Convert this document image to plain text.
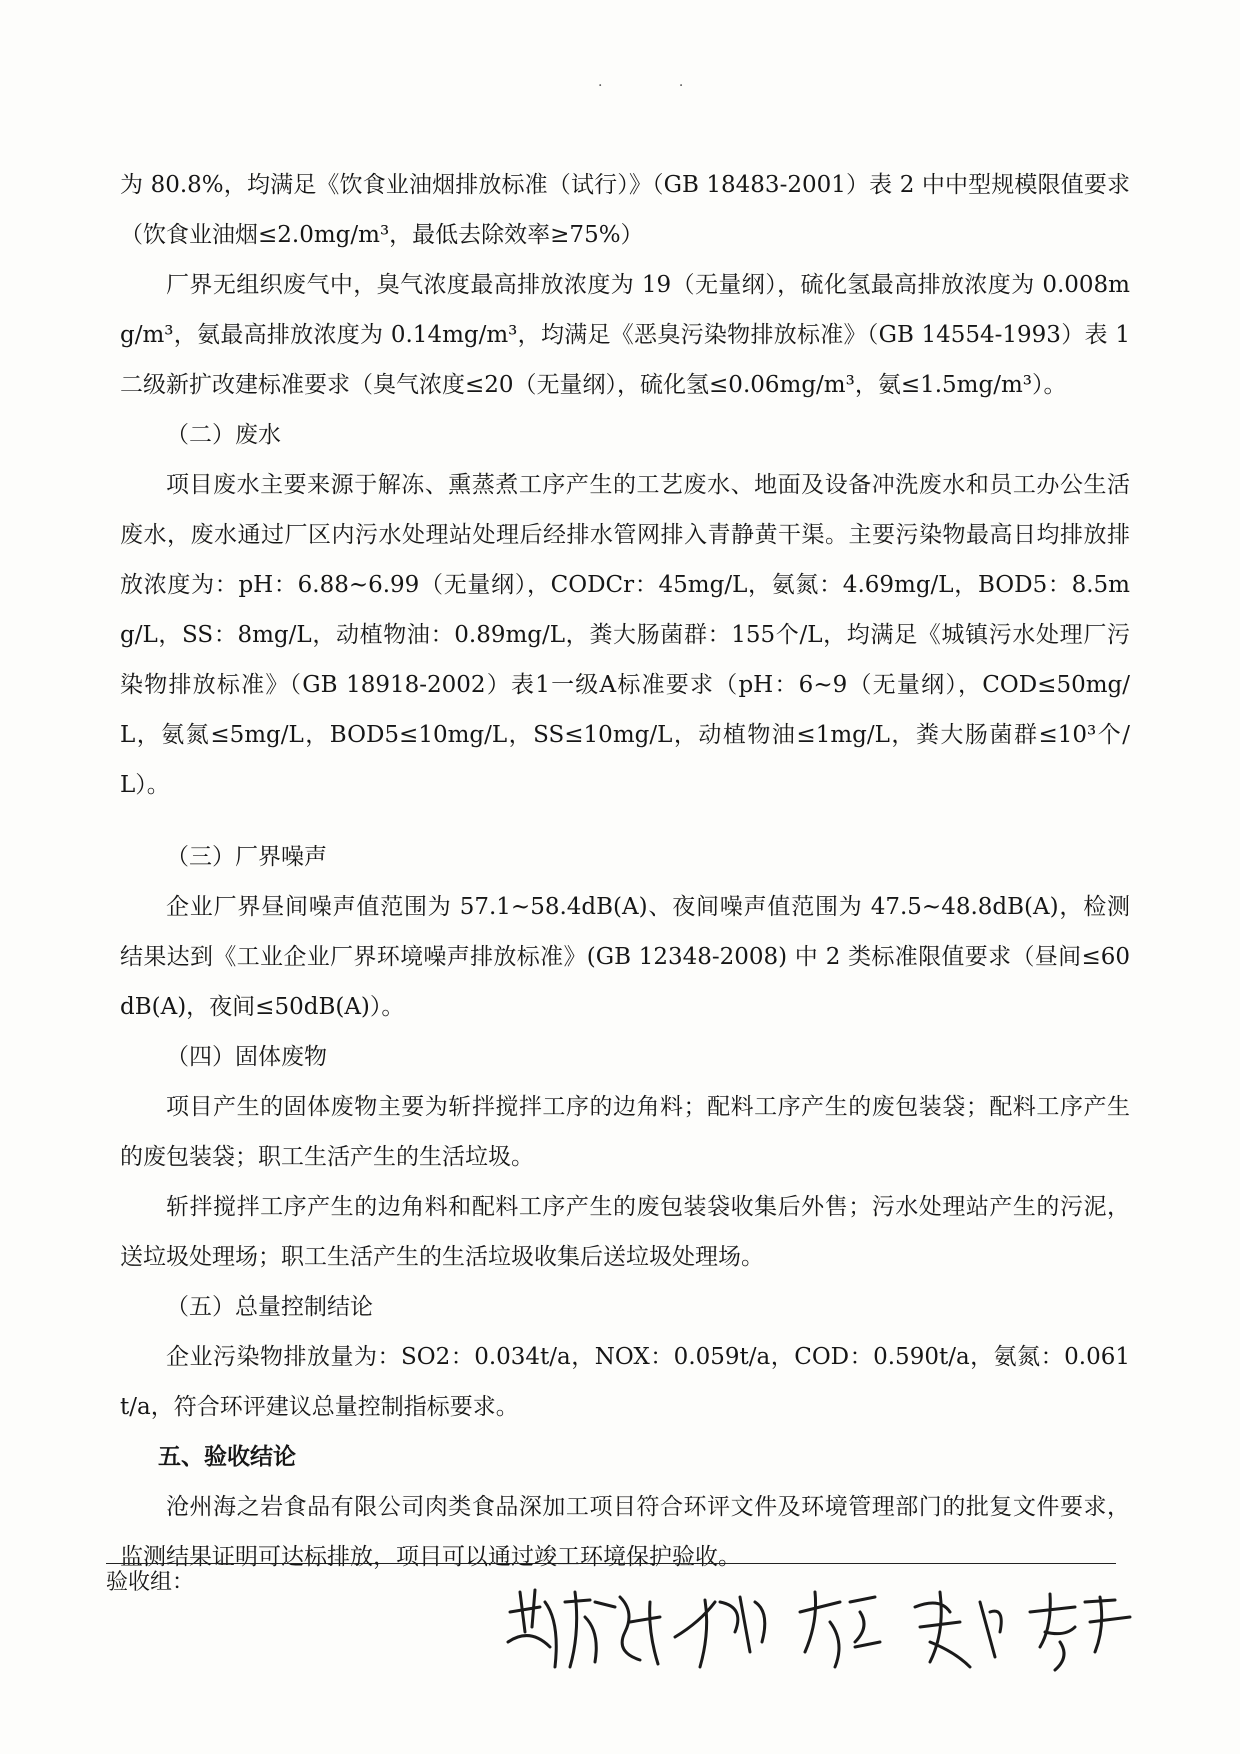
· ·

为 80.8%，均满足《饮食业油烟排放标准（试行）》（GB 18483-2001）表 2 中中型规模限值要求（饮食业油烟≤2.0mg/m³，最低去除效率≥75%）

厂界无组织废气中，臭气浓度最高排放浓度为 19（无量纲），硫化氢最高排放浓度为 0.008mg/m³，氨最高排放浓度为 0.14mg/m³，均满足《恶臭污染物排放标准》（GB 14554-1993）表 1 二级新扩改建标准要求（臭气浓度≤20（无量纲），硫化氢≤0.06mg/m³，氨≤1.5mg/m³）。

（二）废水

项目废水主要来源于解冻、熏蒸煮工序产生的工艺废水、地面及设备冲洗废水和员工办公生活废水，废水通过厂区内污水处理站处理后经排水管网排入青静黄干渠。主要污染物最高日均排放排放浓度为：pH：6.88~6.99（无量纲），CODCr：45mg/L，氨氮：4.69mg/L，BOD5：8.5mg/L，SS：8mg/L，动植物油：0.89mg/L，粪大肠菌群：155个/L，均满足《城镇污水处理厂污染物排放标准》（GB 18918-2002）表1一级A标准要求（pH：6~9（无量纲），COD≤50mg/L，氨氮≤5mg/L，BOD5≤10mg/L，SS≤10mg/L，动植物油≤1mg/L，粪大肠菌群≤10³个/L）。

（三）厂界噪声

企业厂界昼间噪声值范围为 57.1~58.4dB(A)、夜间噪声值范围为 47.5~48.8dB(A)，检测结果达到《工业企业厂界环境噪声排放标准》(GB 12348-2008) 中 2 类标准限值要求（昼间≤60dB(A)，夜间≤50dB(A)）。

（四）固体废物

项目产生的固体废物主要为斩拌搅拌工序的边角料；配料工序产生的废包装袋；配料工序产生的废包装袋；职工生活产生的生活垃圾。

斩拌搅拌工序产生的边角料和配料工序产生的废包装袋收集后外售；污水处理站产生的污泥，送垃圾处理场；职工生活产生的生活垃圾收集后送垃圾处理场。

（五）总量控制结论

企业污染物排放量为：SO2：0.034t/a，NOX：0.059t/a，COD：0.590t/a，氨氮：0.061t/a，符合环评建议总量控制指标要求。

五、验收结论

沧州海之岩食品有限公司肉类食品深加工项目符合环评文件及环境管理部门的批复文件要求，监测结果证明可达标排放，项目可以通过竣工环境保护验收。

验收组：
